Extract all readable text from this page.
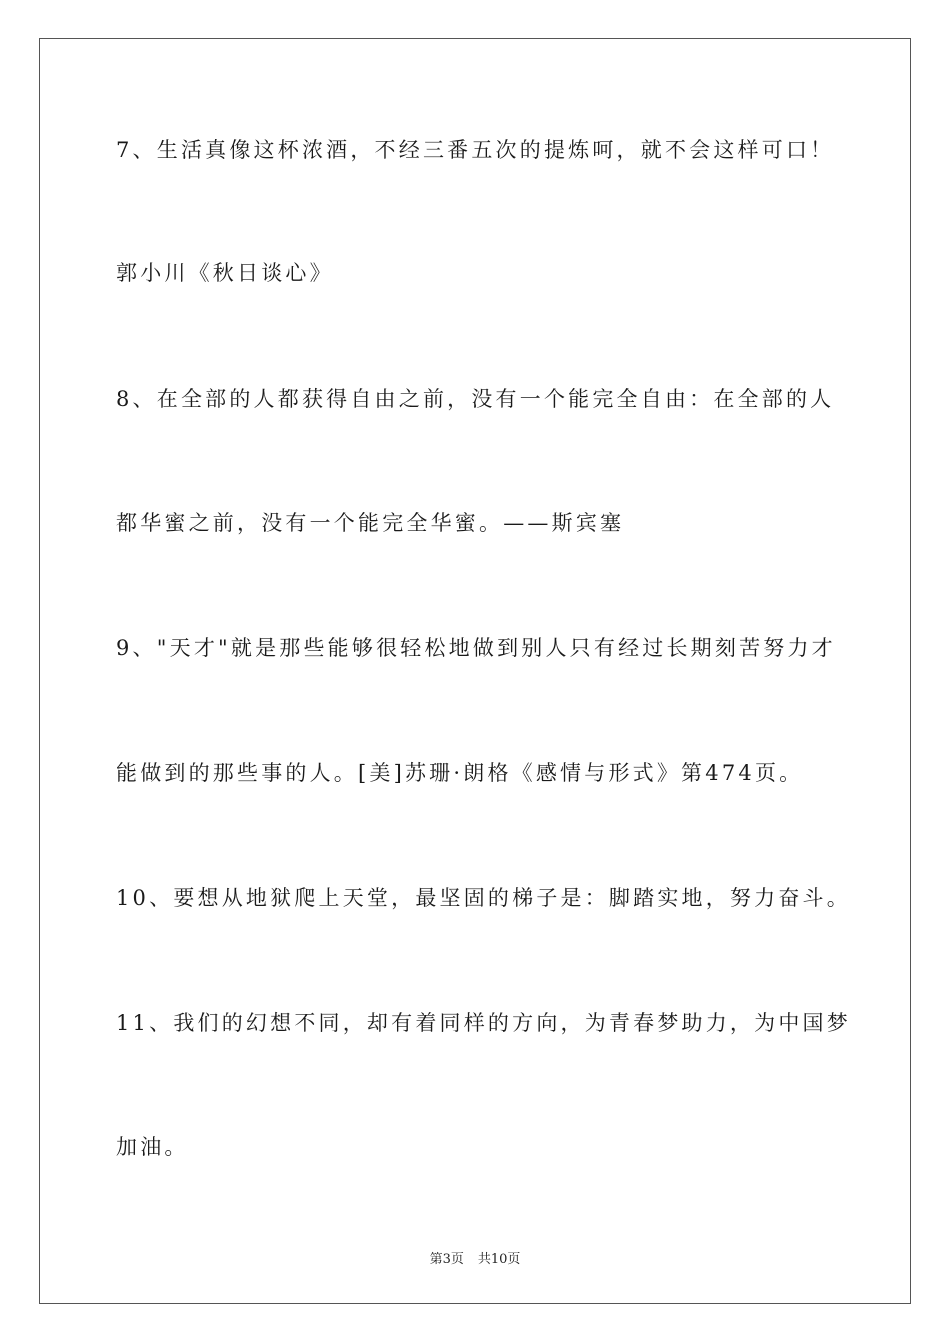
7、生活真像这杯浓酒，不经三番五次的提炼呵，就不会这样可口！
郭小川《秋日谈心》
8、在全部的人都获得自由之前，没有一个能完全自由：在全部的人
都华蜜之前，没有一个能完全华蜜。——斯宾塞
9、"天才"就是那些能够很轻松地做到别人只有经过长期刻苦努力才
能做到的那些事的人。[美]苏珊·朗格《感情与形式》第474页。
10、要想从地狱爬上天堂，最坚固的梯子是：脚踏实地，努力奋斗。
11、我们的幻想不同，却有着同样的方向，为青春梦助力，为中国梦
加油。
第3页 共10页
